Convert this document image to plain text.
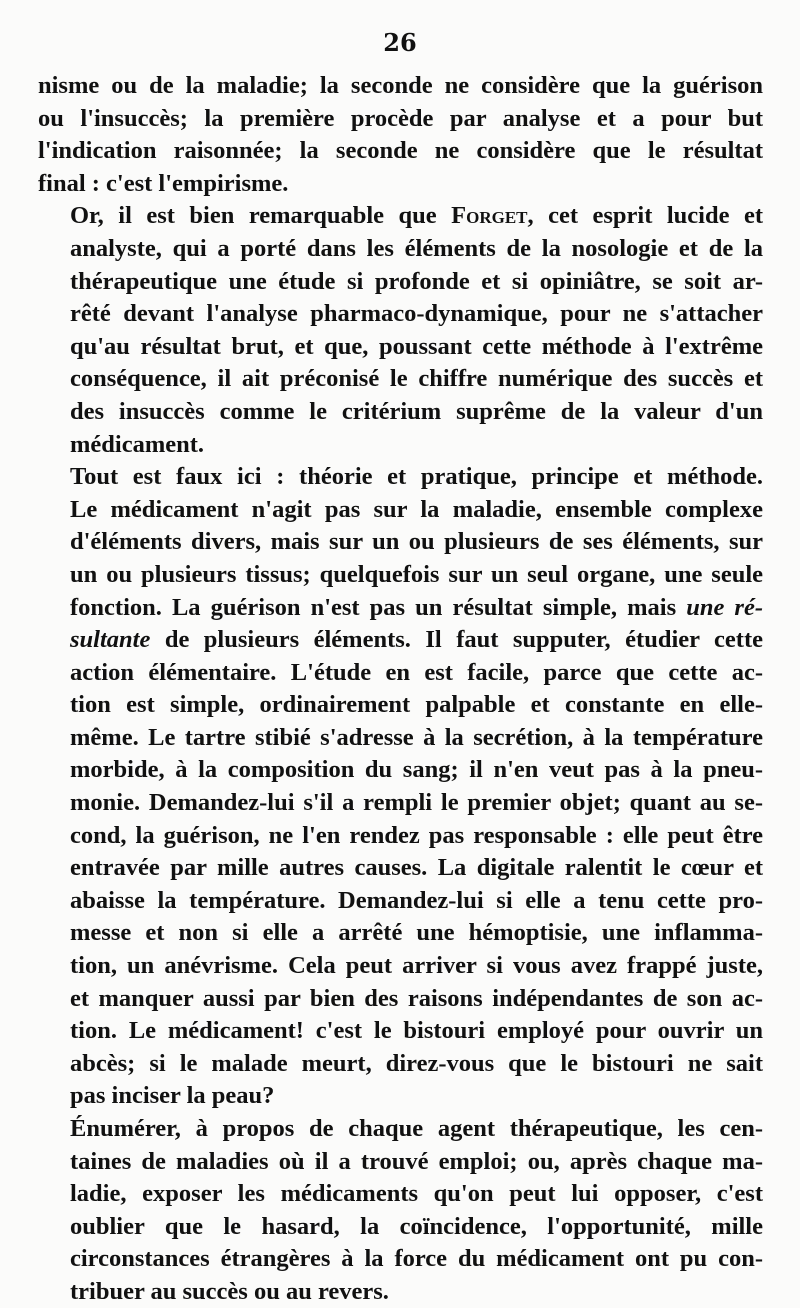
26
nisme ou de la maladie; la seconde ne considère que la guérison
ou l'insuccès; la première procède par analyse et a pour but
l'indication raisonnée; la seconde ne considère que le résultat
final : c'est l'empirisme.
Or, il est bien remarquable que Forget, cet esprit lucide et
analyste, qui a porté dans les éléments de la nosologie et de la
thérapeutique une étude si profonde et si opiniâtre, se soit ar-
rêté devant l'analyse pharmaco-dynamique, pour ne s'attacher
qu'au résultat brut, et que, poussant cette méthode à l'extrême
conséquence, il ait préconisé le chiffre numérique des succès et
des insuccès comme le critérium suprême de la valeur d'un
médicament.
Tout est faux ici : théorie et pratique, principe et méthode.
Le médicament n'agit pas sur la maladie, ensemble complexe
d'éléments divers, mais sur un ou plusieurs de ses éléments, sur
un ou plusieurs tissus; quelquefois sur un seul organe, une seule
fonction. La guérison n'est pas un résultat simple, mais une ré-
sultante de plusieurs éléments. Il faut supputer, étudier cette
action élémentaire. L'étude en est facile, parce que cette ac-
tion est simple, ordinairement palpable et constante en elle-
même. Le tartre stibié s'adresse à la secrétion, à la température
morbide, à la composition du sang; il n'en veut pas à la pneu-
monie. Demandez-lui s'il a rempli le premier objet; quant au se-
cond, la guérison, ne l'en rendez pas responsable : elle peut être
entravée par mille autres causes. La digitale ralentit le cœur et
abaisse la température. Demandez-lui si elle a tenu cette pro-
messe et non si elle a arrêté une hémoptisie, une inflamma-
tion, un anévrisme. Cela peut arriver si vous avez frappé juste,
et manquer aussi par bien des raisons indépendantes de son ac-
tion. Le médicament! c'est le bistouri employé pour ouvrir un
abcès; si le malade meurt, direz-vous que le bistouri ne sait
pas inciser la peau?
Énumérer, à propos de chaque agent thérapeutique, les cen-
taines de maladies où il a trouvé emploi; ou, après chaque ma-
ladie, exposer les médicaments qu'on peut lui opposer, c'est
oublier que le hasard, la coïncidence, l'opportunité, mille
circonstances étrangères à la force du médicament ont pu con-
tribuer au succès ou au revers.
